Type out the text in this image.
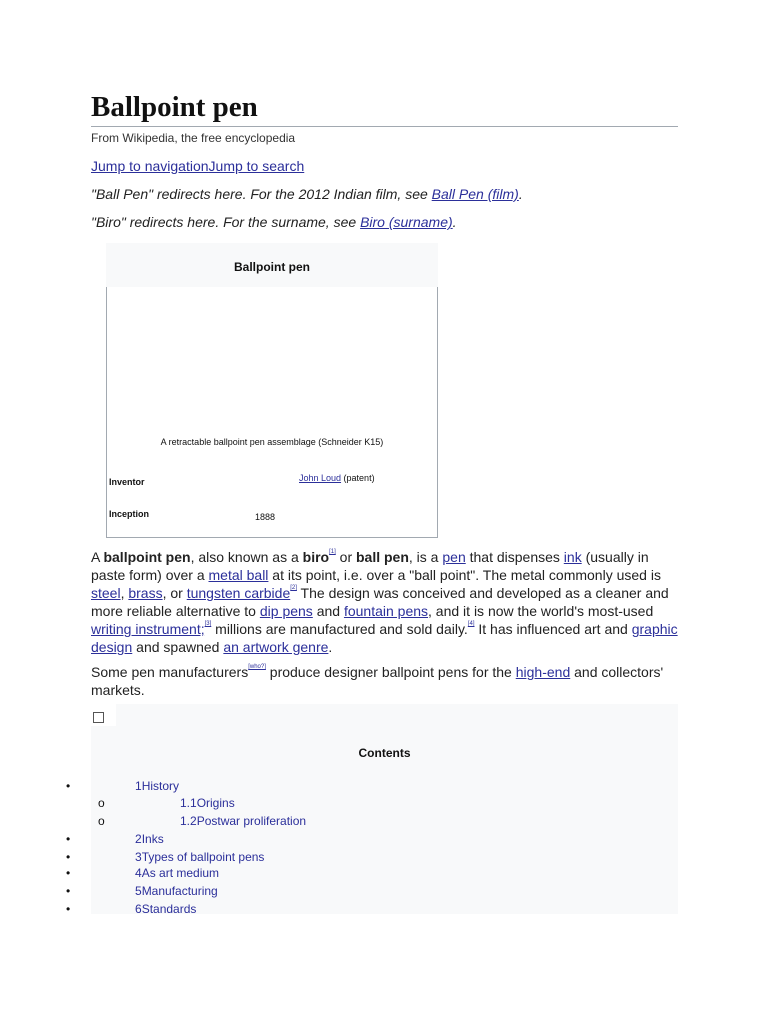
Ballpoint pen
From Wikipedia, the free encyclopedia
Jump to navigationJump to search
"Ball Pen" redirects here. For the 2012 Indian film, see Ball Pen (film).
"Biro" redirects here. For the surname, see Biro (surname).
Ballpoint pen
A retractable ballpoint pen assemblage (Schneider K15)
Inventor	John Loud (patent)
Inception	1888
A ballpoint pen, also known as a biro[1] or ball pen, is a pen that dispenses ink (usually in paste form) over a metal ball at its point, i.e. over a "ball point". The metal commonly used is steel, brass, or tungsten carbide[2] The design was conceived and developed as a cleaner and more reliable alternative to dip pens and fountain pens, and it is now the world's most-used writing instrument;[3] millions are manufactured and sold daily.[4] It has influenced art and graphic design and spawned an artwork genre.
Some pen manufacturers[who?] produce designer ballpoint pens for the high-end and collectors' markets.
Contents
•	1History
o	1.1Origins
o	1.2Postwar proliferation
•	2Inks
•	3Types of ballpoint pens
•	4As art medium
•	5Manufacturing
•	6Standards
